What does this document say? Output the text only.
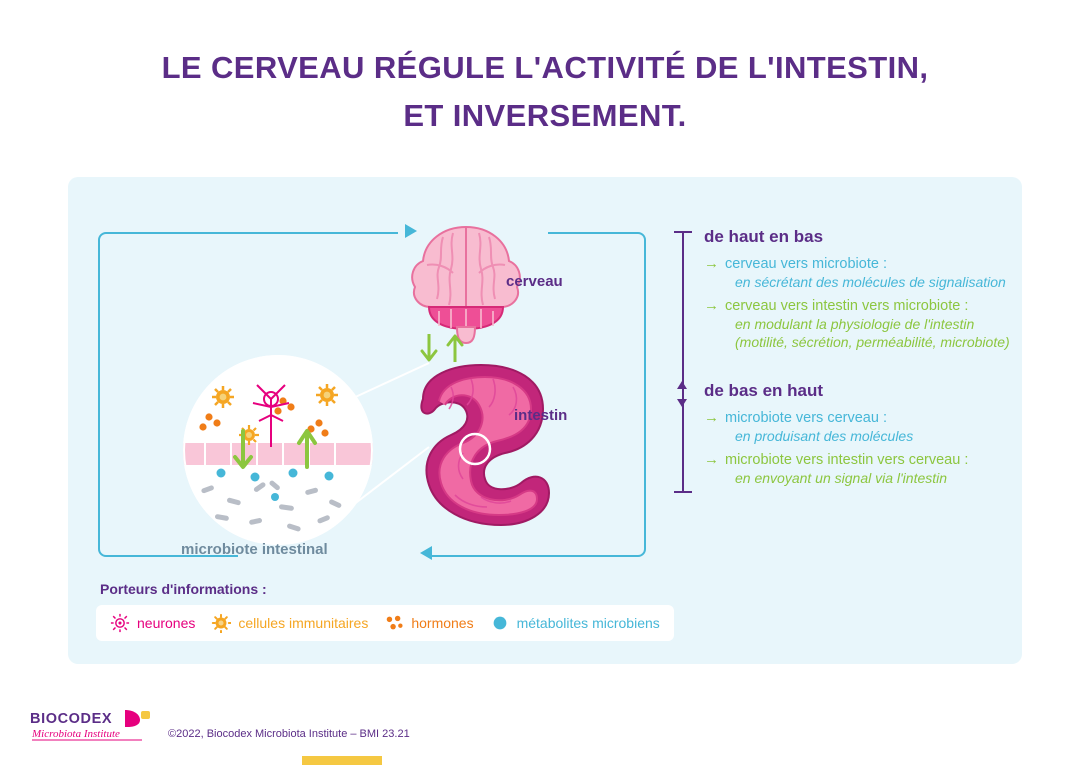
LE CERVEAU RÉGULE L'ACTIVITÉ DE L'INTESTIN,

ET INVERSEMENT.
cerveau
intestin
microbiote intestinal
de haut en bas
→ cerveau vers microbiote :
en sécrétant des molécules de signalisation
→ cerveau vers intestin vers microbiote :
en modulant la physiologie de l'intestin (motilité, sécrétion, perméabilité, microbiote)
de bas en haut
→ microbiote vers cerveau :
en produisant des molécules
→ microbiote vers intestin vers cerveau :
en envoyant un signal via l'intestin
Porteurs d'informations :
neurones	cellules immunitaires	hormones	métabolites microbiens
BIOCODEX
Microbiota Institute	©2022, Biocodex Microbiota Institute – BMI 23.21
